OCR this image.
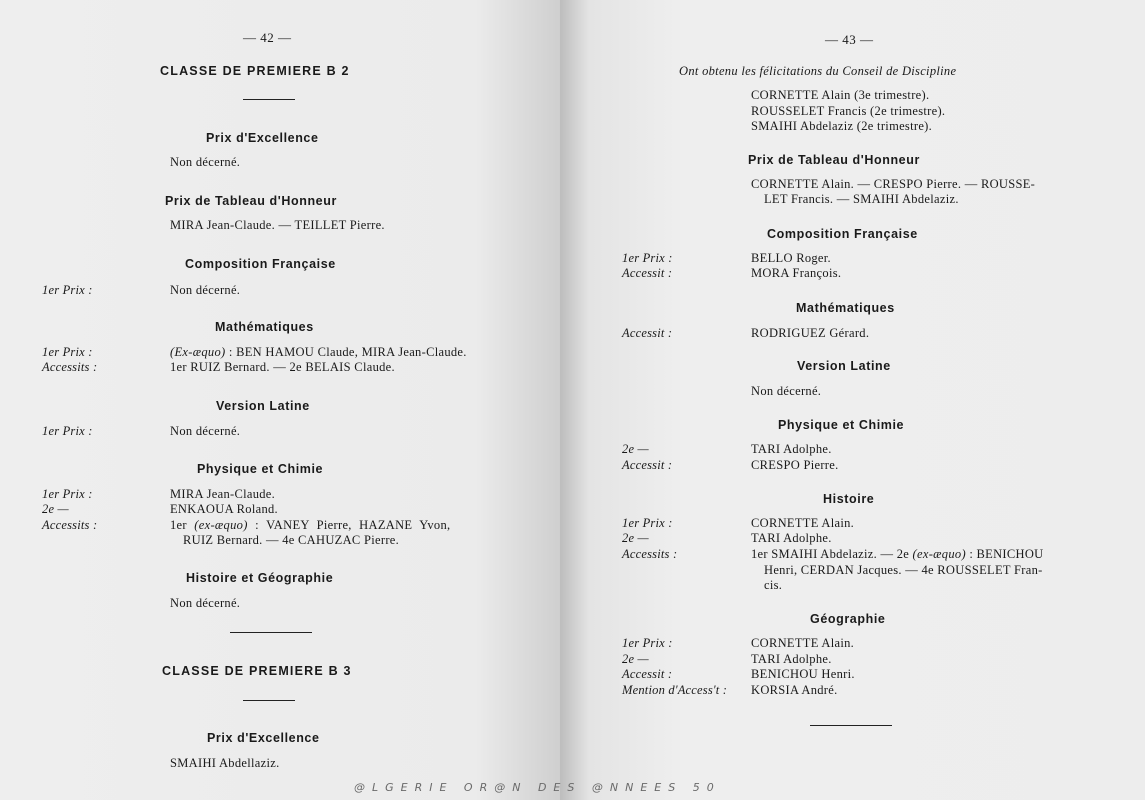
— 42 —
CLASSE DE PREMIERE B 2
Prix d'Excellence
Non décerné.
Prix de Tableau d'Honneur
MIRA Jean-Claude. — TEILLET Pierre.
Composition Française
1er Prix :	Non décerné.
Mathématiques
1er Prix :	(Ex-æquo) : BEN HAMOU Claude, MIRA Jean-Claude.
Accessits :	1er RUIZ Bernard. — 2e BELAIS Claude.
Version Latine
1er Prix :	Non décerné.
Physique et Chimie
1er Prix :	MIRA Jean-Claude.
2e —	ENKAOUA Roland.
Accessits :	1er (ex-æquo) : VANEY Pierre, HAZANE Yvon,
RUIZ Bernard. — 4e CAHUZAC Pierre.
Histoire et Géographie
Non décerné.
CLASSE DE PREMIERE B 3
Prix d'Excellence
SMAIHI Abdellaziz.
— 43 —
Ont obtenu les félicitations du Conseil de Discipline
CORNETTE Alain (3e trimestre).
ROUSSELET Francis (2e trimestre).
SMAIHI Abdelaziz (2e trimestre).
Prix de Tableau d'Honneur
CORNETTE Alain. — CRESPO Pierre. — ROUSSE-
LET Francis. — SMAIHI Abdelaziz.
Composition Française
1er Prix :	BELLO Roger.
Accessit :	MORA François.
Mathématiques
Accessit :	RODRIGUEZ Gérard.
Version Latine
Non décerné.
Physique et Chimie
2e —	TARI Adolphe.
Accessit :	CRESPO Pierre.
Histoire
1er Prix :	CORNETTE Alain.
2e —	TARI Adolphe.
Accessits :	1er SMAIHI Abdelaziz. — 2e (ex-æquo) : BENICHOU
Henri, CERDAN Jacques. — 4e ROUSSELET Fran-
cis.
Géographie
1er Prix :	CORNETTE Alain.
2e —	TARI Adolphe.
Accessit :	BENICHOU Henri.
Mention d'Access't : KORSIA André.
@LGERIE OR@N DES @NNEES 50
